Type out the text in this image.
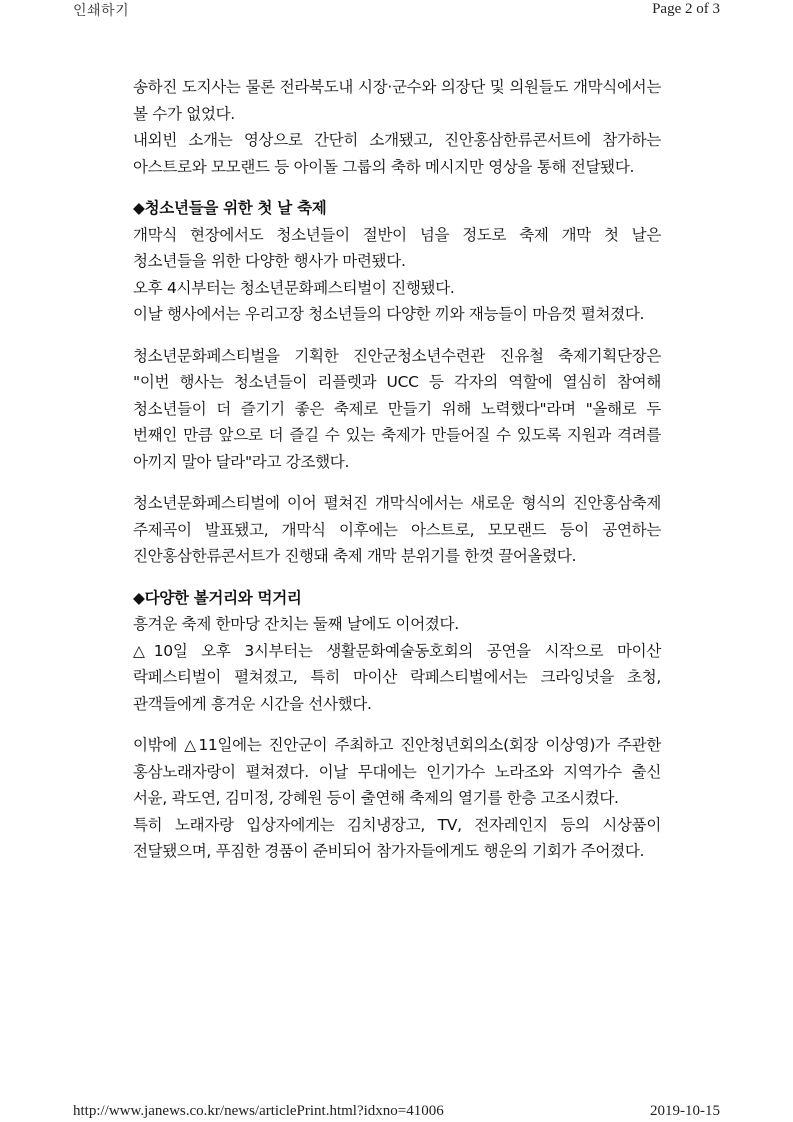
인쇄하기	Page 2 of 3

송하진 도지사는 물론 전라북도내 시장·군수와 의장단 및 의원들도 개막식에서는 볼 수가 없었다.

내외빈 소개는 영상으로 간단히 소개됐고, 진안홍삼한류콘서트에 참가하는 아스트로와 모모랜드 등 아이돌 그룹의 축하 메시지만 영상을 통해 전달됐다.

◆청소년들을 위한 첫 날 축제

개막식 현장에서도 청소년들이 절반이 넘을 정도로 축제 개막 첫 날은 청소년들을 위한 다양한 행사가 마련됐다.

오후 4시부터는 청소년문화페스티벌이 진행됐다.

이날 행사에서는 우리고장 청소년들의 다양한 끼와 재능들이 마음껏 펼쳐졌다.

청소년문화페스티벌을 기획한 진안군청소년수련관 진유철 축제기획단장은 "이번 행사는 청소년들이 리플렛과 UCC 등 각자의 역할에 열심히 참여해 청소년들이 더 즐기기 좋은 축제로 만들기 위해 노력했다"라며 "올해로 두 번째인 만큼 앞으로 더 즐길 수 있는 축제가 만들어질 수 있도록 지원과 격려를 아끼지 말아 달라"라고 강조했다.

청소년문화페스티벌에 이어 펼쳐진 개막식에서는 새로운 형식의 진안홍삼축제 주제곡이 발표됐고, 개막식 이후에는 아스트로, 모모랜드 등이 공연하는 진안홍삼한류콘서트가 진행돼 축제 개막 분위기를 한껏 끌어올렸다.

◆다양한 볼거리와 먹거리

흥겨운 축제 한마당 잔치는 둘째 날에도 이어졌다.

△10일 오후 3시부터는 생활문화예술동호회의 공연을 시작으로 마이산 락페스티벌이 펼쳐졌고, 특히 마이산 락페스티벌에서는 크라잉넛을 초청, 관객들에게 흥겨운 시간을 선사했다.

이밖에 △11일에는 진안군이 주최하고 진안청년회의소(회장 이상영)가 주관한 홍삼노래자랑이 펼쳐졌다. 이날 무대에는 인기가수 노라조와 지역가수 출신 서윤, 곽도연, 김미정, 강혜원 등이 출연해 축제의 열기를 한층 고조시켰다.

특히 노래자랑 입상자에게는 김치냉장고, TV, 전자레인지 등의 시상품이 전달됐으며, 푸짐한 경품이 준비되어 참가자들에게도 행운의 기회가 주어졌다.

http://www.janews.co.kr/news/articlePrint.html?idxno=41006	2019-10-15
